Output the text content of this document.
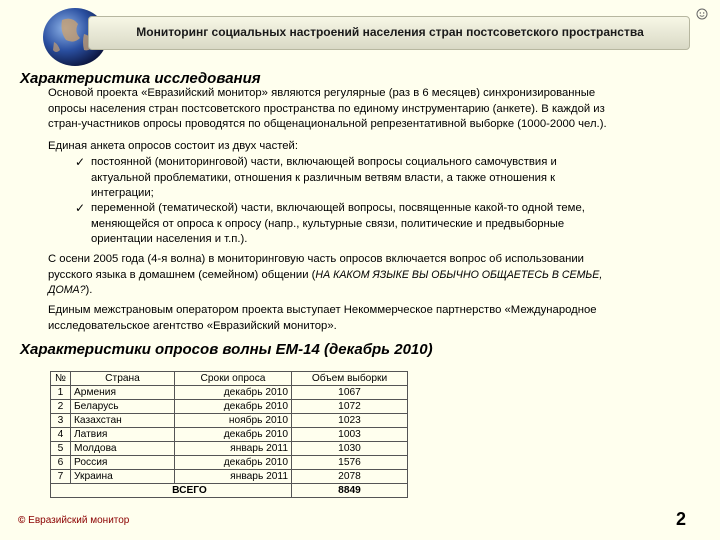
Мониторинг социальных настроений населения стран постсоветского пространства
Характеристика исследования
Основой проекта «Евразийский монитор» являются регулярные (раз в 6 месяцев) синхронизированные
опросы населения стран постсоветского пространства по единому инструментарию (анкете). В каждой из
стран-участников опросы проводятся по общенациональной репрезентативной выборке (1000-2000 чел.).
Единая анкета опросов состоит из двух частей:
✓ постоянной (мониторинговой) части, включающей вопросы социального самочувствия и
актуальной проблематики, отношения к различным ветвям власти, а также отношения к
интеграции;
✓ переменной (тематической) части, включающей вопросы, посвященные какой-то одной теме,
меняющейся от опроса к опросу (напр., культурные связи, политические и предвыборные
ориентации населения и т.п.).
С осени 2005 года (4-я волна) в мониторинговую часть опросов включается вопрос об использовании
русского языка в домашнем (семейном) общении (НА КАКОМ ЯЗЫКЕ ВЫ ОБЫЧНО ОБЩАЕТЕСЬ В СЕМЬЕ,
ДОМА?).
Единым межстрановым оператором проекта выступает Некоммерческое партнерство «Международное
исследовательское агентство «Евразийский монитор».
Характеристики опросов волны ЕМ-14 (декабрь 2010)
№	Страна	Сроки опроса	Объем выборки
1	Армения	декабрь 2010	1067
2	Беларусь	декабрь 2010	1072
3	Казахстан	ноябрь 2010	1023
4	Латвия	декабрь 2010	1003
5	Молдова	январь 2011	1030
6	Россия	декабрь 2010	1576
7	Украина	январь 2011	2078
ВСЕГО			8849
© Евразийский монитор	2
